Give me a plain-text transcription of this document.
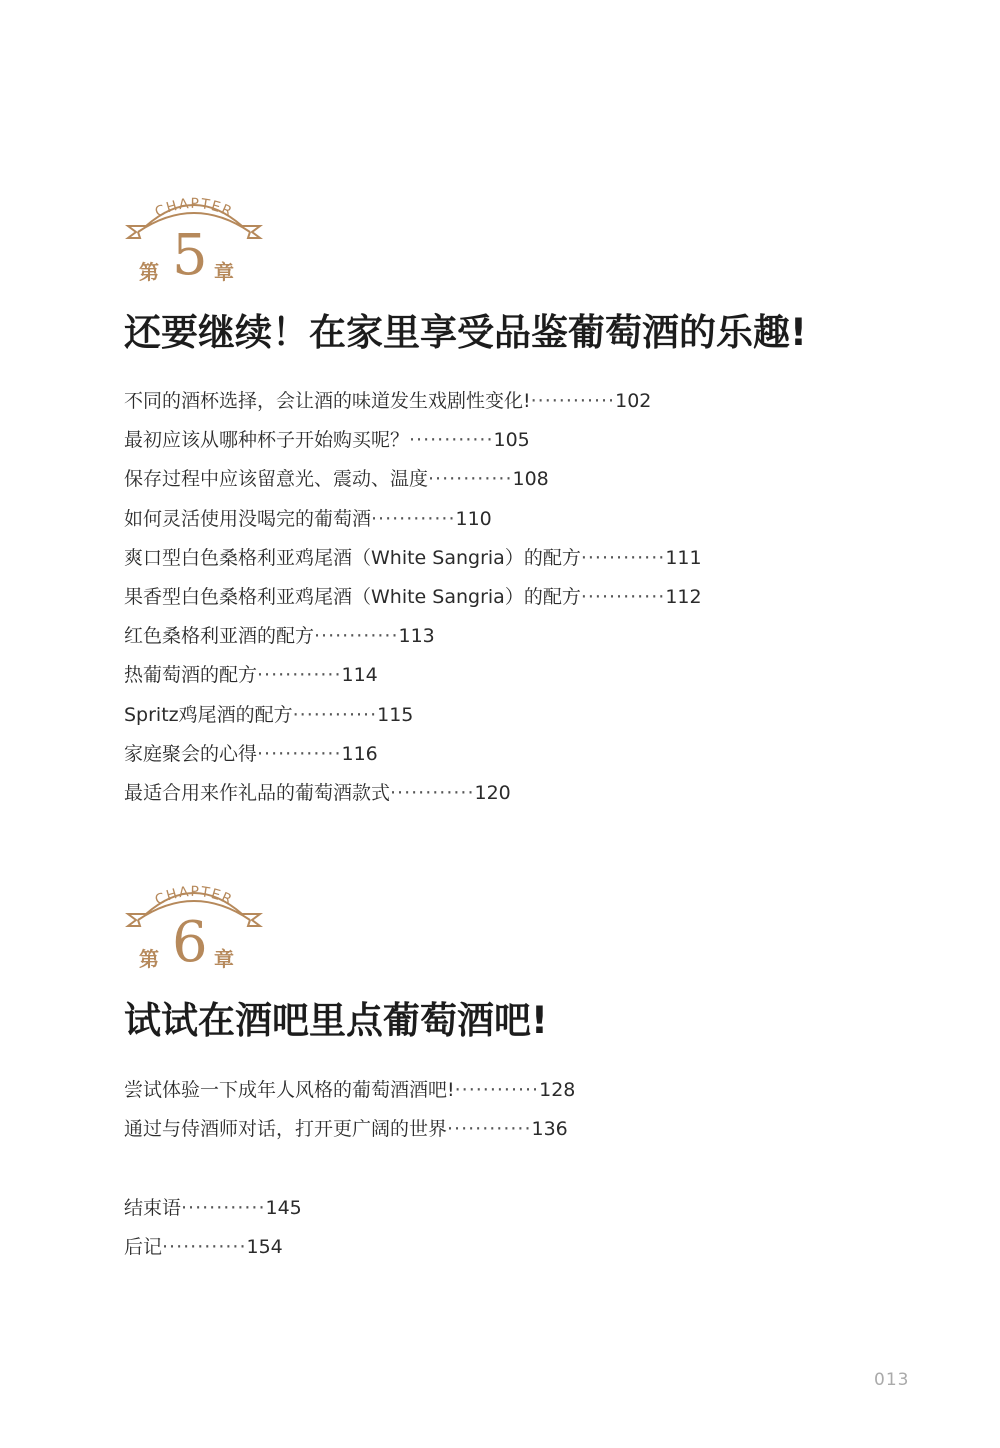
CHAPTER
第 5 章
还要继续！在家里享受品鉴葡萄酒的乐趣!
不同的酒杯选择，会让酒的味道发生戏剧性变化!············102
最初应该从哪种杯子开始购买呢？············105
保存过程中应该留意光、震动、温度············108
如何灵活使用没喝完的葡萄酒············110
爽口型白色桑格利亚鸡尾酒（White Sangria）的配方············111
果香型白色桑格利亚鸡尾酒（White Sangria）的配方············112
红色桑格利亚酒的配方············113
热葡萄酒的配方············114
Spritz鸡尾酒的配方············115
家庭聚会的心得············116
最适合用来作礼品的葡萄酒款式············120
CHAPTER
第 6 章
试试在酒吧里点葡萄酒吧!
尝试体验一下成年人风格的葡萄酒酒吧!············128
通过与侍酒师对话，打开更广阔的世界············136
结束语············145
后记············154
013
